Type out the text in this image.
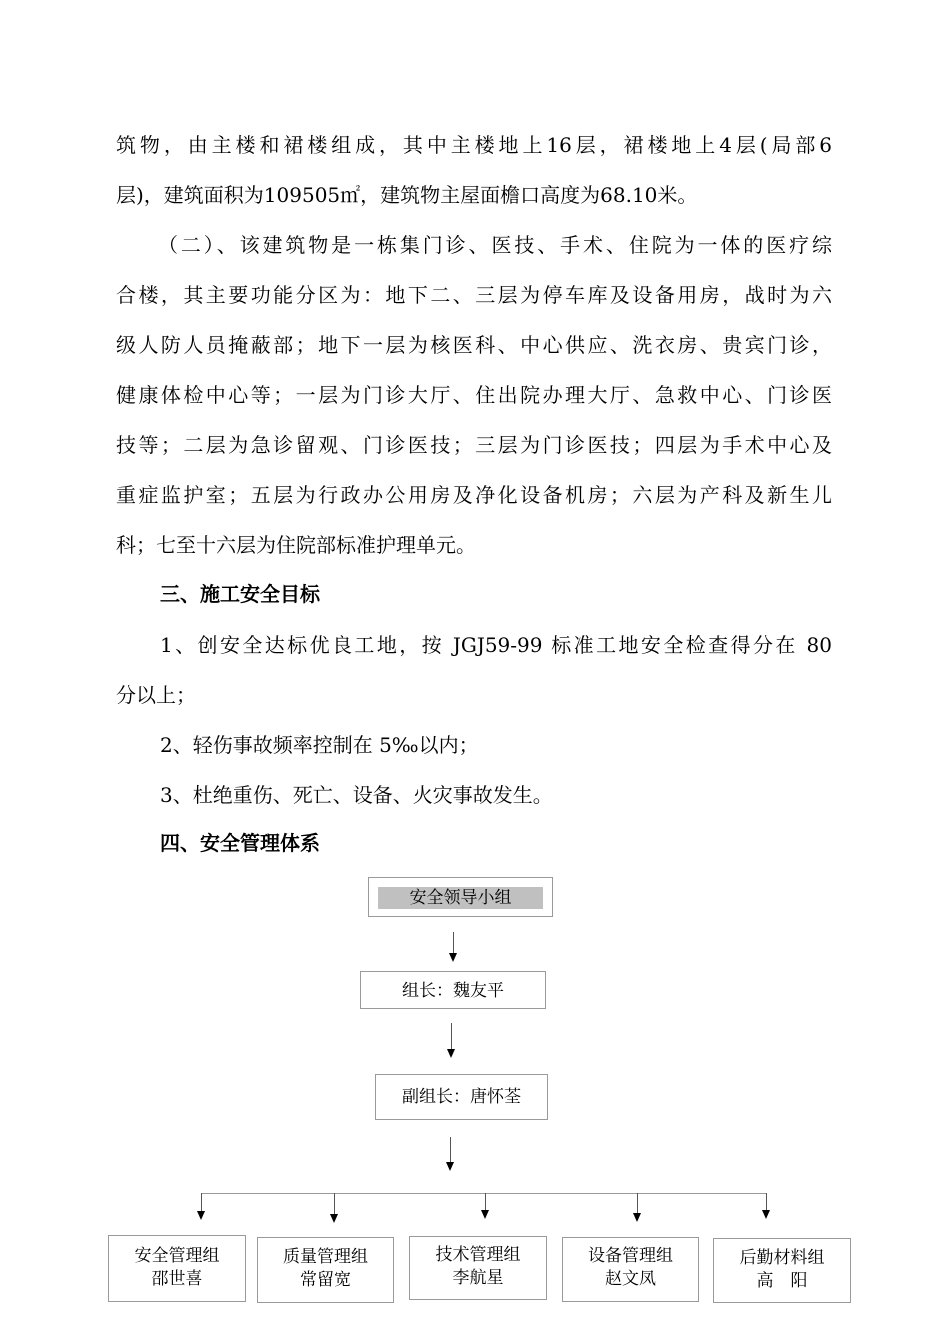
筑物，由主楼和裙楼组成，其中主楼地上16层，裙楼地上4层(局部6
层)，建筑面积为109505㎡，建筑物主屋面檐口高度为68.10米。
（二）、该建筑物是一栋集门诊、医技、手术、住院为一体的医疗综
合楼，其主要功能分区为：地下二、三层为停车库及设备用房，战时为六
级人防人员掩蔽部；地下一层为核医科、中心供应、洗衣房、贵宾门诊，
健康体检中心等；一层为门诊大厅、住出院办理大厅、急救中心、门诊医
技等；二层为急诊留观、门诊医技；三层为门诊医技；四层为手术中心及
重症监护室；五层为行政办公用房及净化设备机房；六层为产科及新生儿
科；七至十六层为住院部标准护理单元。
三、施工安全目标
1、创安全达标优良工地，按 JGJ59-99 标准工地安全检查得分在 80
分以上；
2、轻伤事故频率控制在 5‰以内；
3、杜绝重伤、死亡、设备、火灾事故发生。
四、安全管理体系
安全领导小组
组长：魏友平
副组长：唐怀荃
安全管理组
邵世喜
质量管理组
常留宽
技术管理组
李航星
设备管理组
赵文凤
后勤材料组
高　阳
